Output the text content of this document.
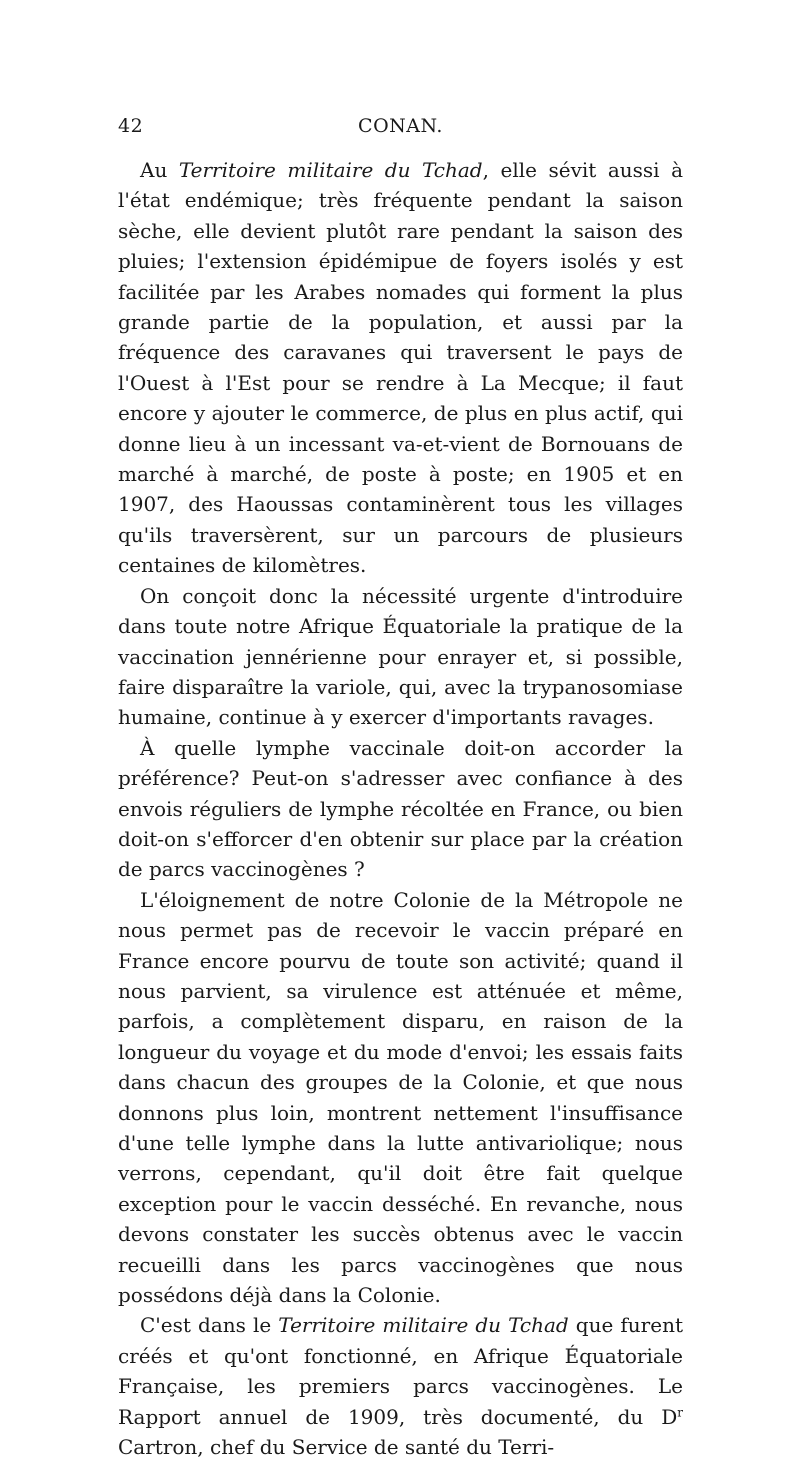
42	CONAN.

Au Territoire militaire du Tchad, elle sévit aussi à l'état endémique; très fréquente pendant la saison sèche, elle devient plutôt rare pendant la saison des pluies; l'extension épidémipue de foyers isolés y est facilitée par les Arabes nomades qui forment la plus grande partie de la population, et aussi par la fréquence des caravanes qui traversent le pays de l'Ouest à l'Est pour se rendre à La Mecque; il faut encore y ajouter le commerce, de plus en plus actif, qui donne lieu à un incessant va-et-vient de Bornouans de marché à marché, de poste à poste; en 1905 et en 1907, des Haoussas contaminèrent tous les villages qu'ils traversèrent, sur un parcours de plusieurs centaines de kilomètres.

On conçoit donc la nécessité urgente d'introduire dans toute notre Afrique Équatoriale la pratique de la vaccination jennérienne pour enrayer et, si possible, faire disparaître la variole, qui, avec la trypanosomiase humaine, continue à y exercer d'importants ravages.

À quelle lymphe vaccinale doit-on accorder la préférence? Peut-on s'adresser avec confiance à des envois réguliers de lymphe récoltée en France, ou bien doit-on s'efforcer d'en obtenir sur place par la création de parcs vaccinogènes ?

L'éloignement de notre Colonie de la Métropole ne nous permet pas de recevoir le vaccin préparé en France encore pourvu de toute son activité; quand il nous parvient, sa virulence est atténuée et même, parfois, a complètement disparu, en raison de la longueur du voyage et du mode d'envoi; les essais faits dans chacun des groupes de la Colonie, et que nous donnons plus loin, montrent nettement l'insuffisance d'une telle lymphe dans la lutte antivariolique; nous verrons, cependant, qu'il doit être fait quelque exception pour le vaccin desséché. En revanche, nous devons constater les succès obtenus avec le vaccin recueilli dans les parcs vaccinogènes que nous possédons déjà dans la Colonie.

C'est dans le Territoire militaire du Tchad que furent créés et qu'ont fonctionné, en Afrique Équatoriale Française, les premiers parcs vaccinogènes. Le Rapport annuel de 1909, très documenté, du $D^r$ Cartron, chef du Service de santé du Terri-
